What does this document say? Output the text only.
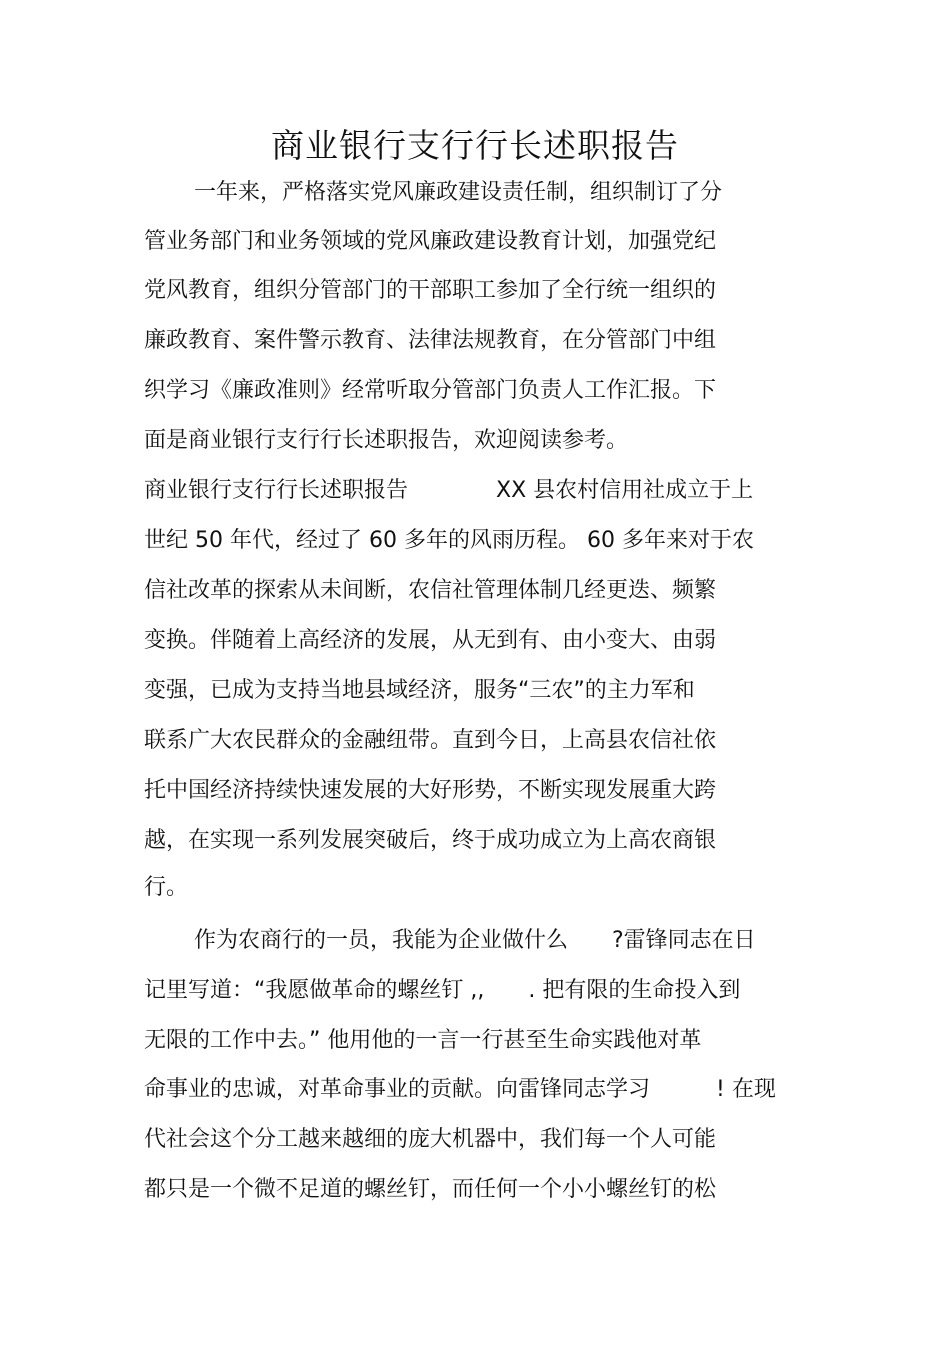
商业银行支行行长述职报告
一年来，严格落实党风廉政建设责任制，组织制订了分
管业务部门和业务领域的党风廉政建设教育计划，加强党纪
党风教育，组织分管部门的干部职工参加了全行统一组织的
廉政教育、案件警示教育、法律法规教育，在分管部门中组
织学习《廉政准则》经常听取分管部门负责人工作汇报。下
面是商业银行支行行长述职报告，欢迎阅读参考。
商业银行支行行长述职报告　　　　XX 县农村信用社成立于上
世纪 50 年代，经过了 60 多年的风雨历程。 60 多年来对于农
信社改革的探索从未间断，农信社管理体制几经更迭、频繁
变换。伴随着上高经济的发展，从无到有、由小变大、由弱
变强，已成为支持当地县域经济，服务“三农”的主力军和
联系广大农民群众的金融纽带。直到今日，上高县农信社依
托中国经济持续快速发展的大好形势，不断实现发展重大跨
越，在实现一系列发展突破后，终于成功成立为上高农商银
行。
作为农商行的一员，我能为企业做什么　　?雷锋同志在日
记里写道：“我愿做革命的螺丝钉 ,,　　. 把有限的生命投入到
无限的工作中去。” 他用他的一言一行甚至生命实践他对革
命事业的忠诚，对革命事业的贡献。向雷锋同志学习　　　! 在现
代社会这个分工越来越细的庞大机器中，我们每一个人可能
都只是一个微不足道的螺丝钉，而任何一个小小螺丝钉的松
